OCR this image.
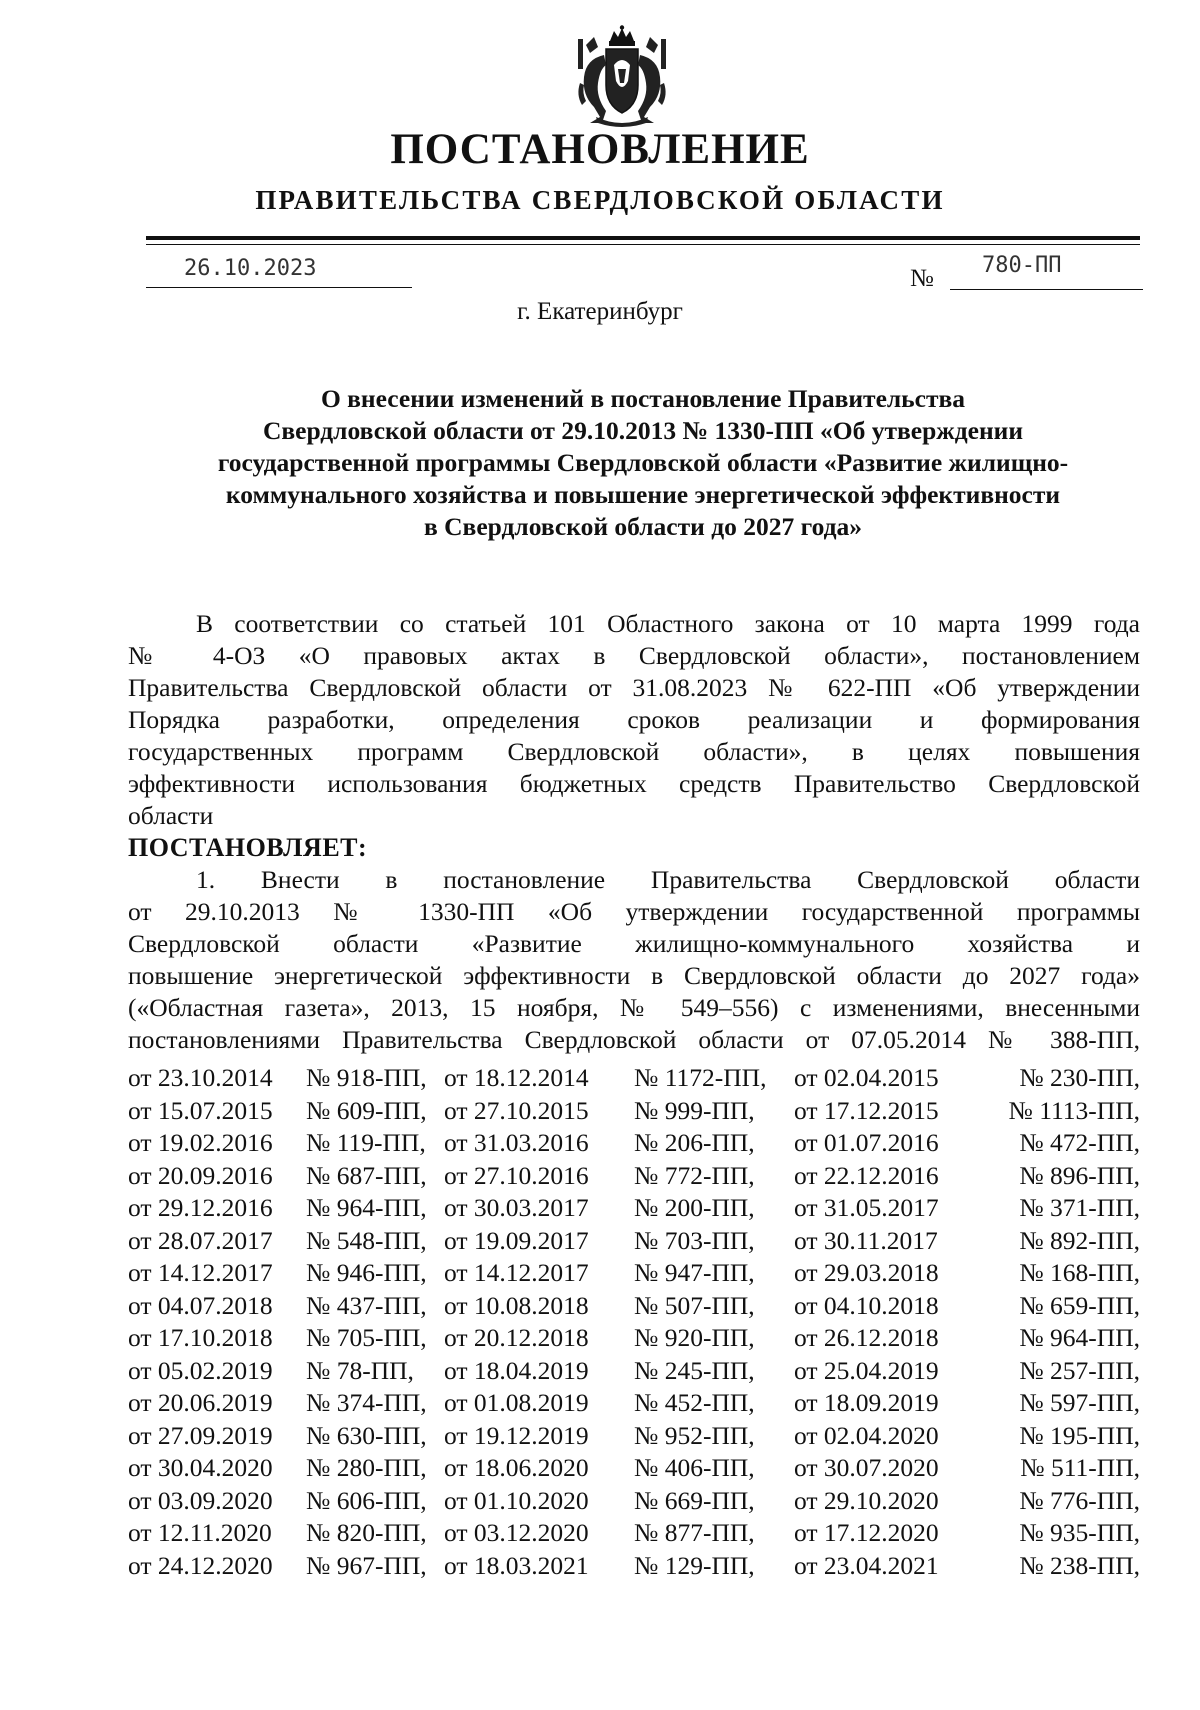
ПОСТАНОВЛЕНИЕ
ПРАВИТЕЛЬСТВА СВЕРДЛОВСКОЙ ОБЛАСТИ
26.10.2023	№ 780-ПП
г. Екатеринбург
О внесении изменений в постановление Правительства
Свердловской области от 29.10.2013 № 1330-ПП «Об утверждении
государственной программы Свердловской области «Развитие жилищно-
коммунального хозяйства и повышение энергетической эффективности
в Свердловской области до 2027 года»
В соответствии со статьей 101 Областного закона от 10 марта 1999 года
№ 4-ОЗ «О правовых актах в Свердловской области», постановлением
Правительства Свердловской области от 31.08.2023 № 622-ПП «Об утверждении
Порядка разработки, определения сроков реализации и формирования
государственных программ Свердловской области», в целях повышения
эффективности использования бюджетных средств Правительство Свердловской
области
ПОСТАНОВЛЯЕТ:
1. Внести в постановление Правительства Свердловской области
от 29.10.2013 № 1330-ПП «Об утверждении государственной программы
Свердловской области «Развитие жилищно-коммунального хозяйства и
повышение энергетической эффективности в Свердловской области до 2027 года»
(«Областная газета», 2013, 15 ноября, № 549–556) с изменениями, внесенными
постановлениями Правительства Свердловской области от 07.05.2014 № 388-ПП,
от 23.10.2014	№ 918-ПП,	от 18.12.2014	№ 1172-ПП,	от 02.04.2015	№ 230-ПП,
от 15.07.2015	№ 609-ПП,	от 27.10.2015	№ 999-ПП,	от 17.12.2015	№ 1113-ПП,
от 19.02.2016	№ 119-ПП,	от 31.03.2016	№ 206-ПП,	от 01.07.2016	№ 472-ПП,
от 20.09.2016	№ 687-ПП,	от 27.10.2016	№ 772-ПП,	от 22.12.2016	№ 896-ПП,
от 29.12.2016	№ 964-ПП,	от 30.03.2017	№ 200-ПП,	от 31.05.2017	№ 371-ПП,
от 28.07.2017	№ 548-ПП,	от 19.09.2017	№ 703-ПП,	от 30.11.2017	№ 892-ПП,
от 14.12.2017	№ 946-ПП,	от 14.12.2017	№ 947-ПП,	от 29.03.2018	№ 168-ПП,
от 04.07.2018	№ 437-ПП,	от 10.08.2018	№ 507-ПП,	от 04.10.2018	№ 659-ПП,
от 17.10.2018	№ 705-ПП,	от 20.12.2018	№ 920-ПП,	от 26.12.2018	№ 964-ПП,
от 05.02.2019	№ 78-ПП,	от 18.04.2019	№ 245-ПП,	от 25.04.2019	№ 257-ПП,
от 20.06.2019	№ 374-ПП,	от 01.08.2019	№ 452-ПП,	от 18.09.2019	№ 597-ПП,
от 27.09.2019	№ 630-ПП,	от 19.12.2019	№ 952-ПП,	от 02.04.2020	№ 195-ПП,
от 30.04.2020	№ 280-ПП,	от 18.06.2020	№ 406-ПП,	от 30.07.2020	№ 511-ПП,
от 03.09.2020	№ 606-ПП,	от 01.10.2020	№ 669-ПП,	от 29.10.2020	№ 776-ПП,
от 12.11.2020	№ 820-ПП,	от 03.12.2020	№ 877-ПП,	от 17.12.2020	№ 935-ПП,
от 24.12.2020	№ 967-ПП,	от 18.03.2021	№ 129-ПП,	от 23.04.2021	№ 238-ПП,
